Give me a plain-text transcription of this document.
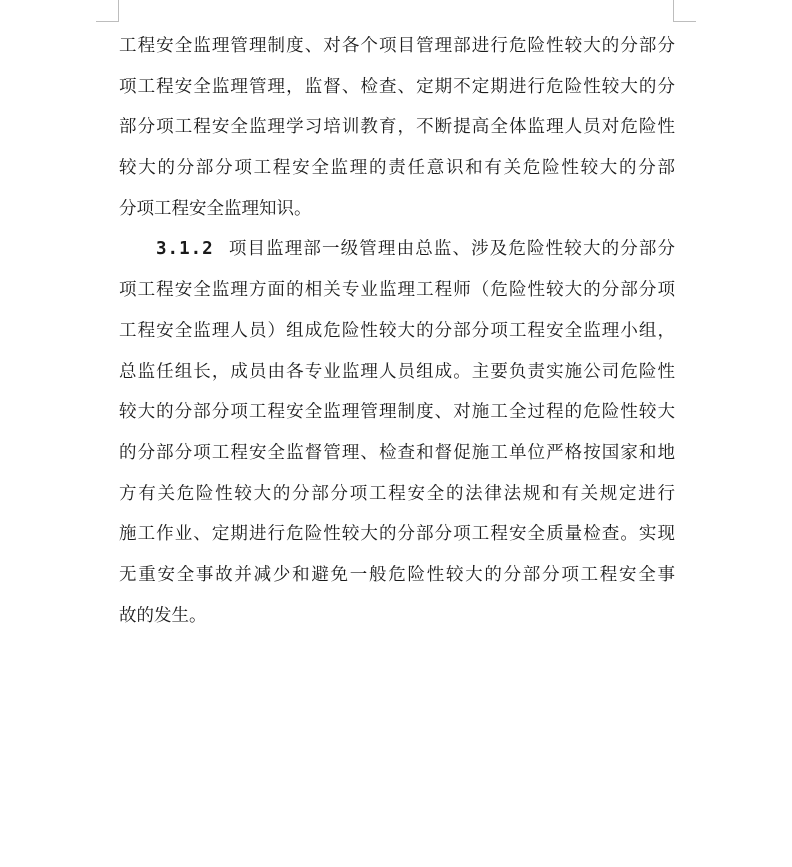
工程安全监理管理制度、对各个项目管理部进行危险性较大的分部分
项工程安全监理管理，监督、检查、定期不定期进行危险性较大的分
部分项工程安全监理学习培训教育，不断提高全体监理人员对危险性
较大的分部分项工程安全监理的责任意识和有关危险性较大的分部
分项工程安全监理知识。
3.1.2 项目监理部一级管理由总监、涉及危险性较大的分部分
项工程安全监理方面的相关专业监理工程师（危险性较大的分部分项
工程安全监理人员）组成危险性较大的分部分项工程安全监理小组，
总监任组长，成员由各专业监理人员组成。主要负责实施公司危险性
较大的分部分项工程安全监理管理制度、对施工全过程的危险性较大
的分部分项工程安全监督管理、检查和督促施工单位严格按国家和地
方有关危险性较大的分部分项工程安全的法律法规和有关规定进行
施工作业、定期进行危险性较大的分部分项工程安全质量检查。实现
无重安全事故并减少和避免一般危险性较大的分部分项工程安全事
故的发生。
